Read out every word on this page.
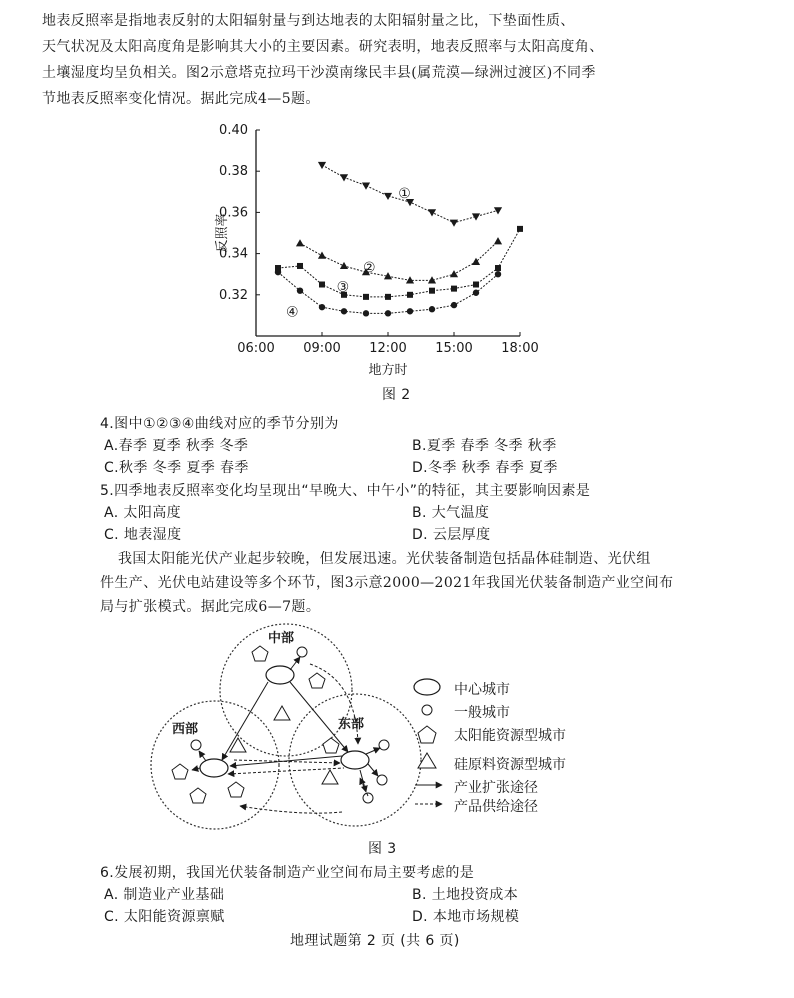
地表反照率是指地表反射的太阳辐射量与到达地表的太阳辐射量之比，下垫面性质、
天气状况及太阳高度角是影响其大小的主要因素。研究表明，地表反照率与太阳高度角、
土壤湿度均呈负相关。图2示意塔克拉玛干沙漠南缘民丰县(属荒漠—绿洲过渡区)不同季
节地表反照率变化情况。据此完成4—5题。
06:00 09:00 12:00 15:00 18:00
0.40
0.38
0.36
0.34
0.32
地方时
反照率
①
②
③
④
图 2
4.图中①②③④曲线对应的季节分别为
A.春季 夏季 秋季 冬季	B.夏季 春季 冬季 秋季
C.秋季 冬季 夏季 春季	D.冬季 秋季 春季 夏季
5.四季地表反照率变化均呈现出“早晚大、中午小”的特征，其主要影响因素是
A. 太阳高度	B. 大气温度
C. 地表湿度	D. 云层厚度
我国太阳能光伏产业起步较晚，但发展迅速。光伏装备制造包括晶体硅制造、光伏组
件生产、光伏电站建设等多个环节，图3示意2000—2021年我国光伏装备制造产业空间布
局与扩张模式。据此完成6—7题。
中部
西部	东部
中心城市
一般城市
太阳能资源型城市
硅原料资源型城市
产业扩张途径
产品供给途径
图 3
6.发展初期，我国光伏装备制造产业空间布局主要考虑的是
A. 制造业产业基础	B. 土地投资成本
C. 太阳能资源禀赋	D. 本地市场规模
地理试题第 2 页 (共 6 页)
